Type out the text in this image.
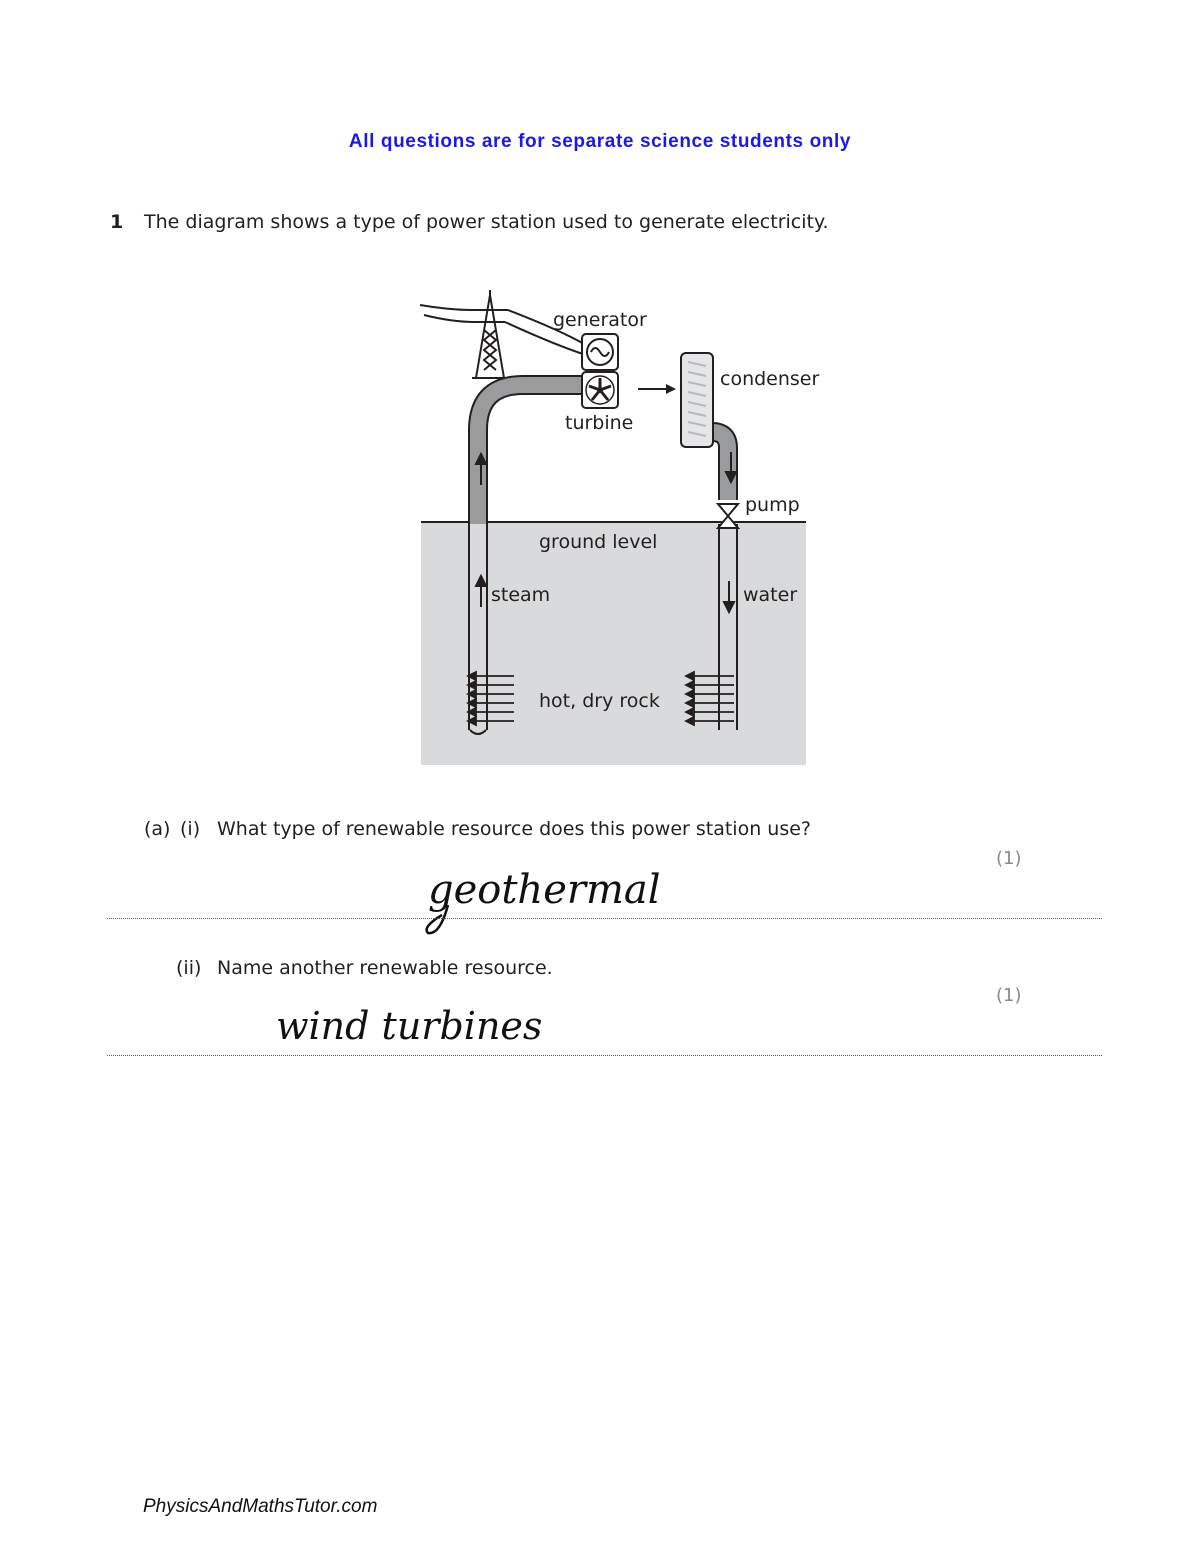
All questions are for separate science students only
1 The diagram shows a type of power station used to generate electricity.
generator
turbine
condenser
pump
ground level
steam	water
hot, dry rock
(a) (i) What type of renewable resource does this power station use?
(1)
geothermal
(ii) Name another renewable resource.
(1)
wind turbines
PhysicsAndMathsTutor.com
